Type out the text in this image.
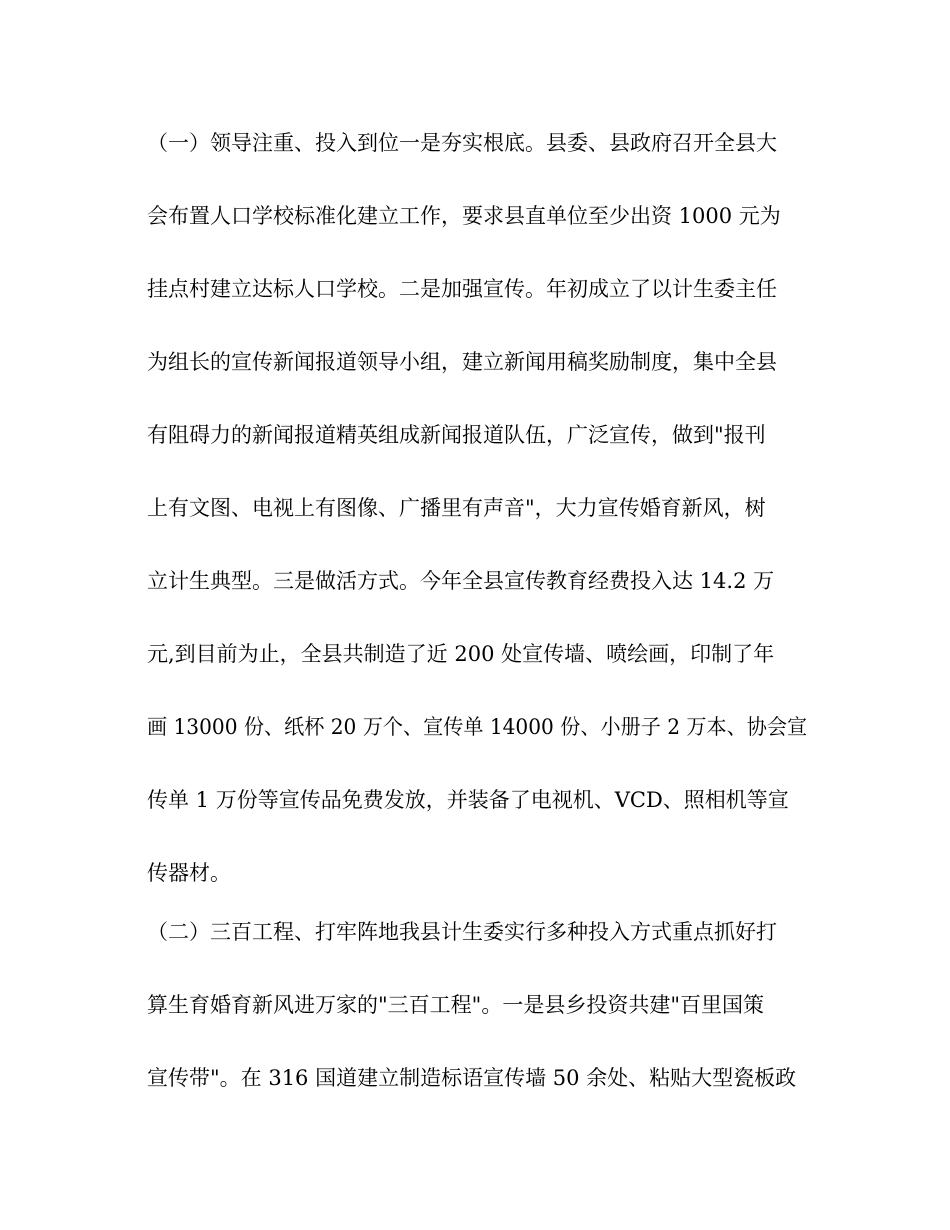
（一）领导注重、投入到位一是夯实根底。县委、县政府召开全县大
会布置人口学校标准化建立工作，要求县直单位至少出资 1000 元为
挂点村建立达标人口学校。二是加强宣传。年初成立了以计生委主任
为组长的宣传新闻报道领导小组，建立新闻用稿奖励制度，集中全县
有阻碍力的新闻报道精英组成新闻报道队伍，广泛宣传，做到"报刊
上有文图、电视上有图像、广播里有声音"，大力宣传婚育新风，树
立计生典型。三是做活方式。今年全县宣传教育经费投入达 14.2 万
元,到目前为止，全县共制造了近 200 处宣传墙、喷绘画，印制了年
画 13000 份、纸杯 20 万个、宣传单 14000 份、小册子 2 万本、协会宣
传单 1 万份等宣传品免费发放，并装备了电视机、VCD、照相机等宣
传器材。
（二）三百工程、打牢阵地我县计生委实行多种投入方式重点抓好打
算生育婚育新风进万家的"三百工程"。一是县乡投资共建"百里国策
宣传带"。在 316 国道建立制造标语宣传墙 50 余处、粘贴大型瓷板政
